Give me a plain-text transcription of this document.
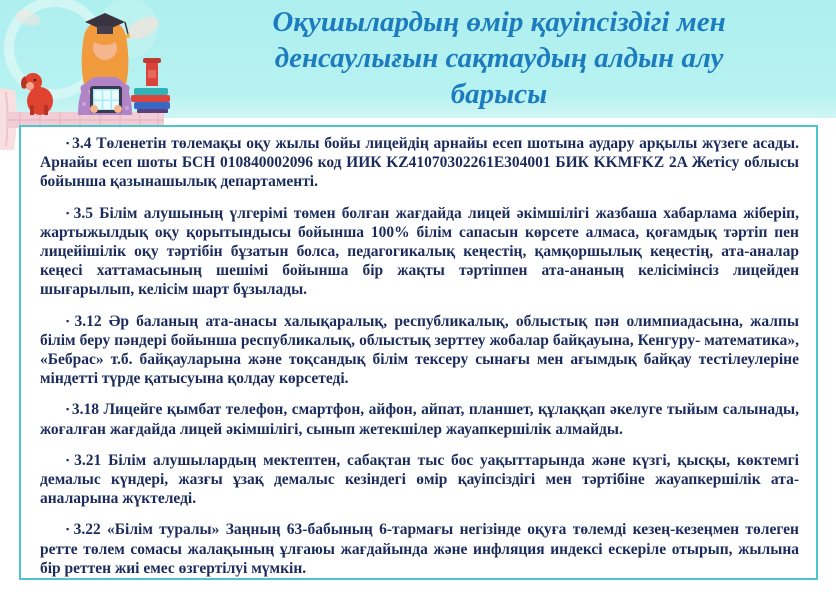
Оқушылардың өмір қауіпсіздігі мен
денсаулығын сақтаудың алдын алу
барысы

▪ 3.4 Төленетін төлемақы оқу жылы бойы лицейдің арнайы есеп шотына аудару арқылы жүзеге асады. Арнайы есеп шоты БСН 010840002096 код ИИК KZ41070302261E304001 БИК KKMFKZ 2A Жетісу облысы бойынша қазынашылық департаменті.

▪ 3.5 Білім алушының үлгерімі төмен болған жағдайда лицей әкімшілігі жазбаша хабарлама жіберіп, жартыжылдық оқу қорытындысы бойынша 100% білім сапасын көрсете алмаса, қоғамдық тәртіп пен лицейішілік оқу тәртібін бұзатын болса, педагогикалық кеңестің, қамқоршылық кеңестің, ата-аналар кеңесі хаттамасының шешімі бойынша бір жақты тәртіппен ата-ананың келісімінсіз лицейден шығарылып, келісім шарт бұзылады.

▪ 3.12 Әр баланың ата-анасы халықаралық, республикалық, облыстық пән олимпиадасына, жалпы білім беру пәндері бойынша республикалық, облыстық зерттеу жобалар байқауына, Кенгуру- математика», «Бебрас» т.б. байқауларына және тоқсандық білім тексеру сынағы мен ағымдық байқау тестілеулеріне міндетті түрде қатысуына қолдау көрсетеді.

▪ 3.18 Лицейге қымбат телефон, смартфон, айфон, айпат, планшет, құлаққап әкелуге тыйым салынады, жоғалған жағдайда лицей әкімшілігі, сынып жетекшілер жауапкершілік алмайды.

▪ 3.21 Білім алушылардың мектептен, сабақтан тыс бос уақыттарында және күзгі, қысқы, көктемгі демалыс күндері, жазғы ұзақ демалыс кезіндегі өмір қауіпсіздігі мен тәртібіне жауапкершілік ата-аналарына жүктеледі.

▪ 3.22 «Білім туралы» Заңның 63-бабының 6-тармағы негізінде оқуға төлемді кезең-кезеңмен төлеген ретте төлем сомасы жалақының ұлғаюы жағдайында және инфляция индексі ескеріле отырып, жылына бір реттен жиі емес өзгертілуі мүмкін.
